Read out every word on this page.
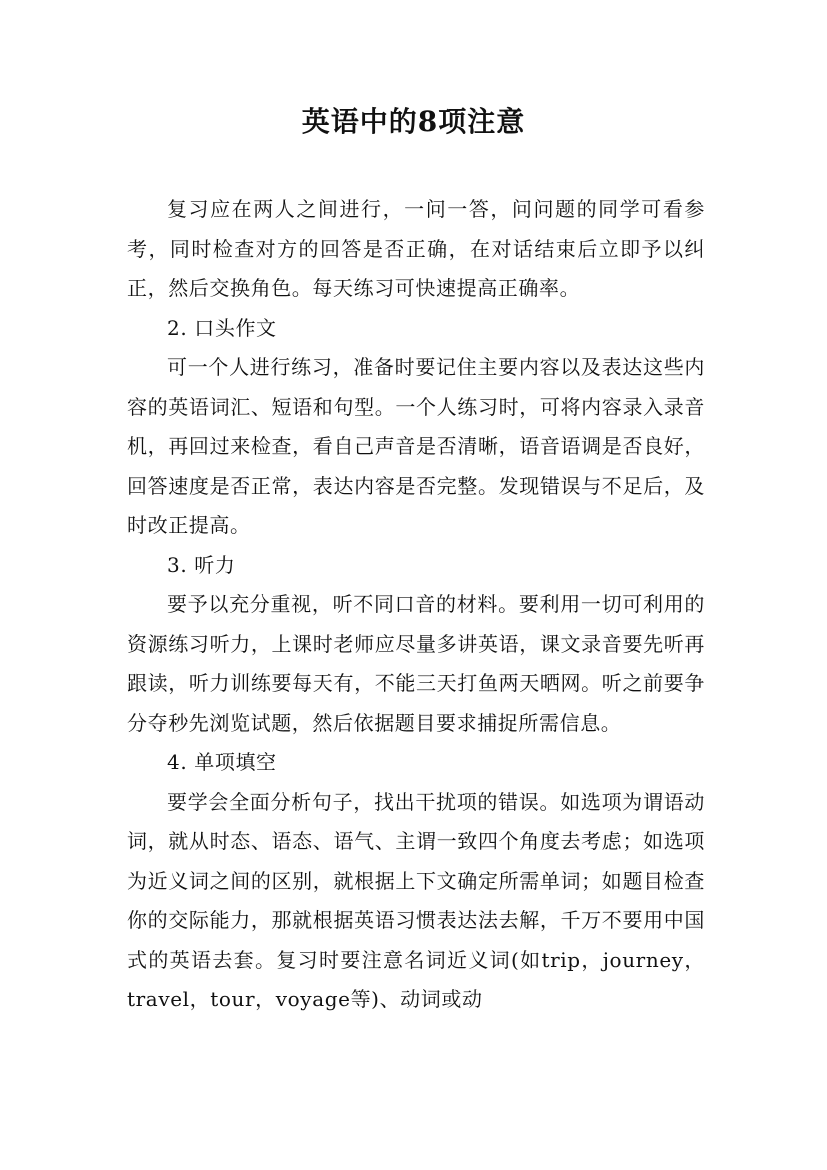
英语中的8项注意

复习应在两人之间进行，一问一答，问问题的同学可看参考，同时检查对方的回答是否正确，在对话结束后立即予以纠正，然后交换角色。每天练习可快速提高正确率。

2. 口头作文

可一个人进行练习，准备时要记住主要内容以及表达这些内容的英语词汇、短语和句型。一个人练习时，可将内容录入录音机，再回过来检查，看自己声音是否清晰，语音语调是否良好，回答速度是否正常，表达内容是否完整。发现错误与不足后，及时改正提高。

3. 听力

要予以充分重视，听不同口音的材料。要利用一切可利用的资源练习听力，上课时老师应尽量多讲英语，课文录音要先听再跟读，听力训练要每天有，不能三天打鱼两天晒网。听之前要争分夺秒先浏览试题，然后依据题目要求捕捉所需信息。

4. 单项填空

要学会全面分析句子，找出干扰项的错误。如选项为谓语动词，就从时态、语态、语气、主谓一致四个角度去考虑；如选项为近义词之间的区别，就根据上下文确定所需单词；如题目检查你的交际能力，那就根据英语习惯表达法去解，千万不要用中国式的英语去套。复习时要注意名词近义词(如trip，journey，travel，tour，voyage等)、动词或动
